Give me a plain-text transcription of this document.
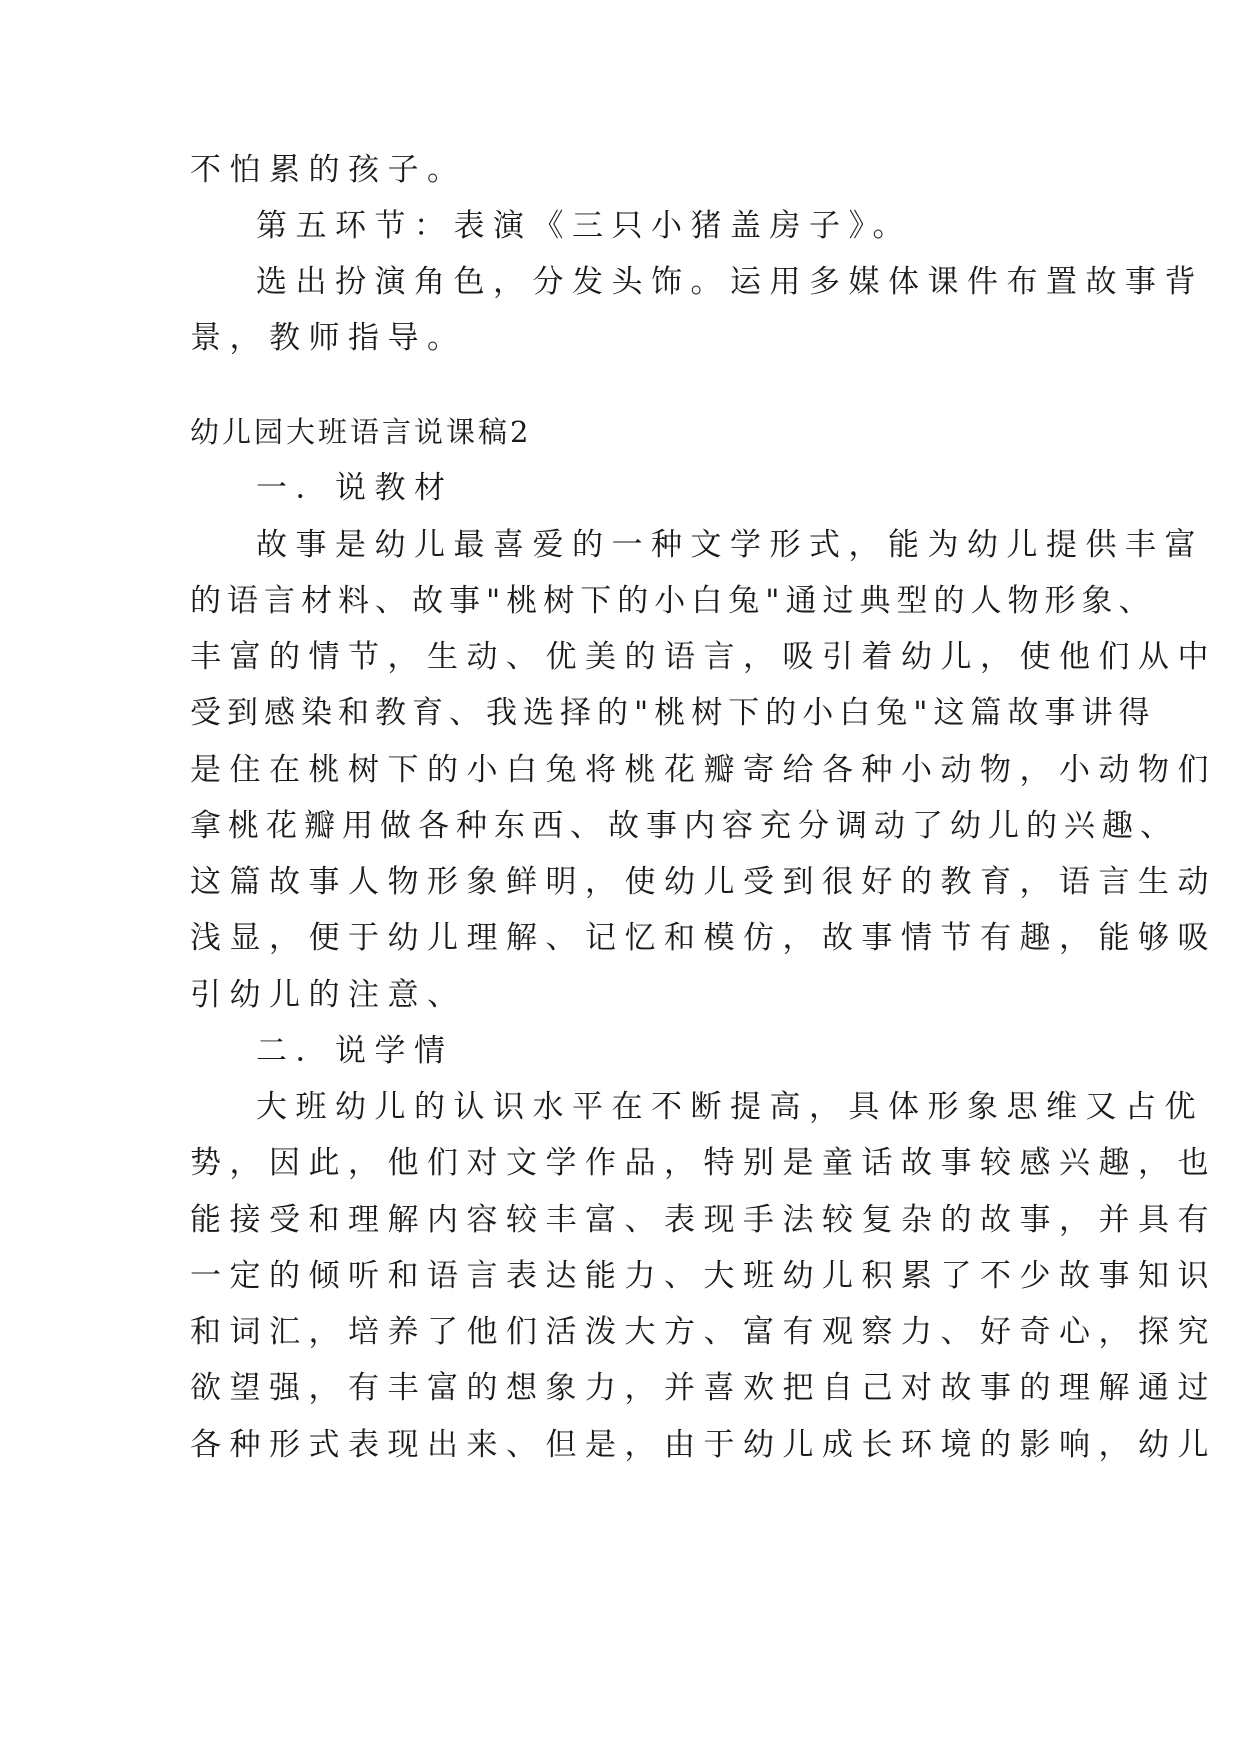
不怕累的孩子。
第五环节：表演《三只小猪盖房子》。
选出扮演角色，分发头饰。运用多媒体课件布置故事背
景，教师指导。
幼儿园大班语言说课稿2
一．说教材
故事是幼儿最喜爱的一种文学形式，能为幼儿提供丰富
的语言材料、故事"桃树下的小白兔"通过典型的人物形象、
丰富的情节，生动、优美的语言，吸引着幼儿，使他们从中
受到感染和教育、我选择的"桃树下的小白兔"这篇故事讲得
是住在桃树下的小白兔将桃花瓣寄给各种小动物，小动物们
拿桃花瓣用做各种东西、故事内容充分调动了幼儿的兴趣、
这篇故事人物形象鲜明，使幼儿受到很好的教育，语言生动
浅显，便于幼儿理解、记忆和模仿，故事情节有趣，能够吸
引幼儿的注意、
二．说学情
大班幼儿的认识水平在不断提高，具体形象思维又占优
势，因此，他们对文学作品，特别是童话故事较感兴趣，也
能接受和理解内容较丰富、表现手法较复杂的故事，并具有
一定的倾听和语言表达能力、大班幼儿积累了不少故事知识
和词汇，培养了他们活泼大方、富有观察力、好奇心，探究
欲望强，有丰富的想象力，并喜欢把自己对故事的理解通过
各种形式表现出来、但是，由于幼儿成长环境的影响，幼儿
